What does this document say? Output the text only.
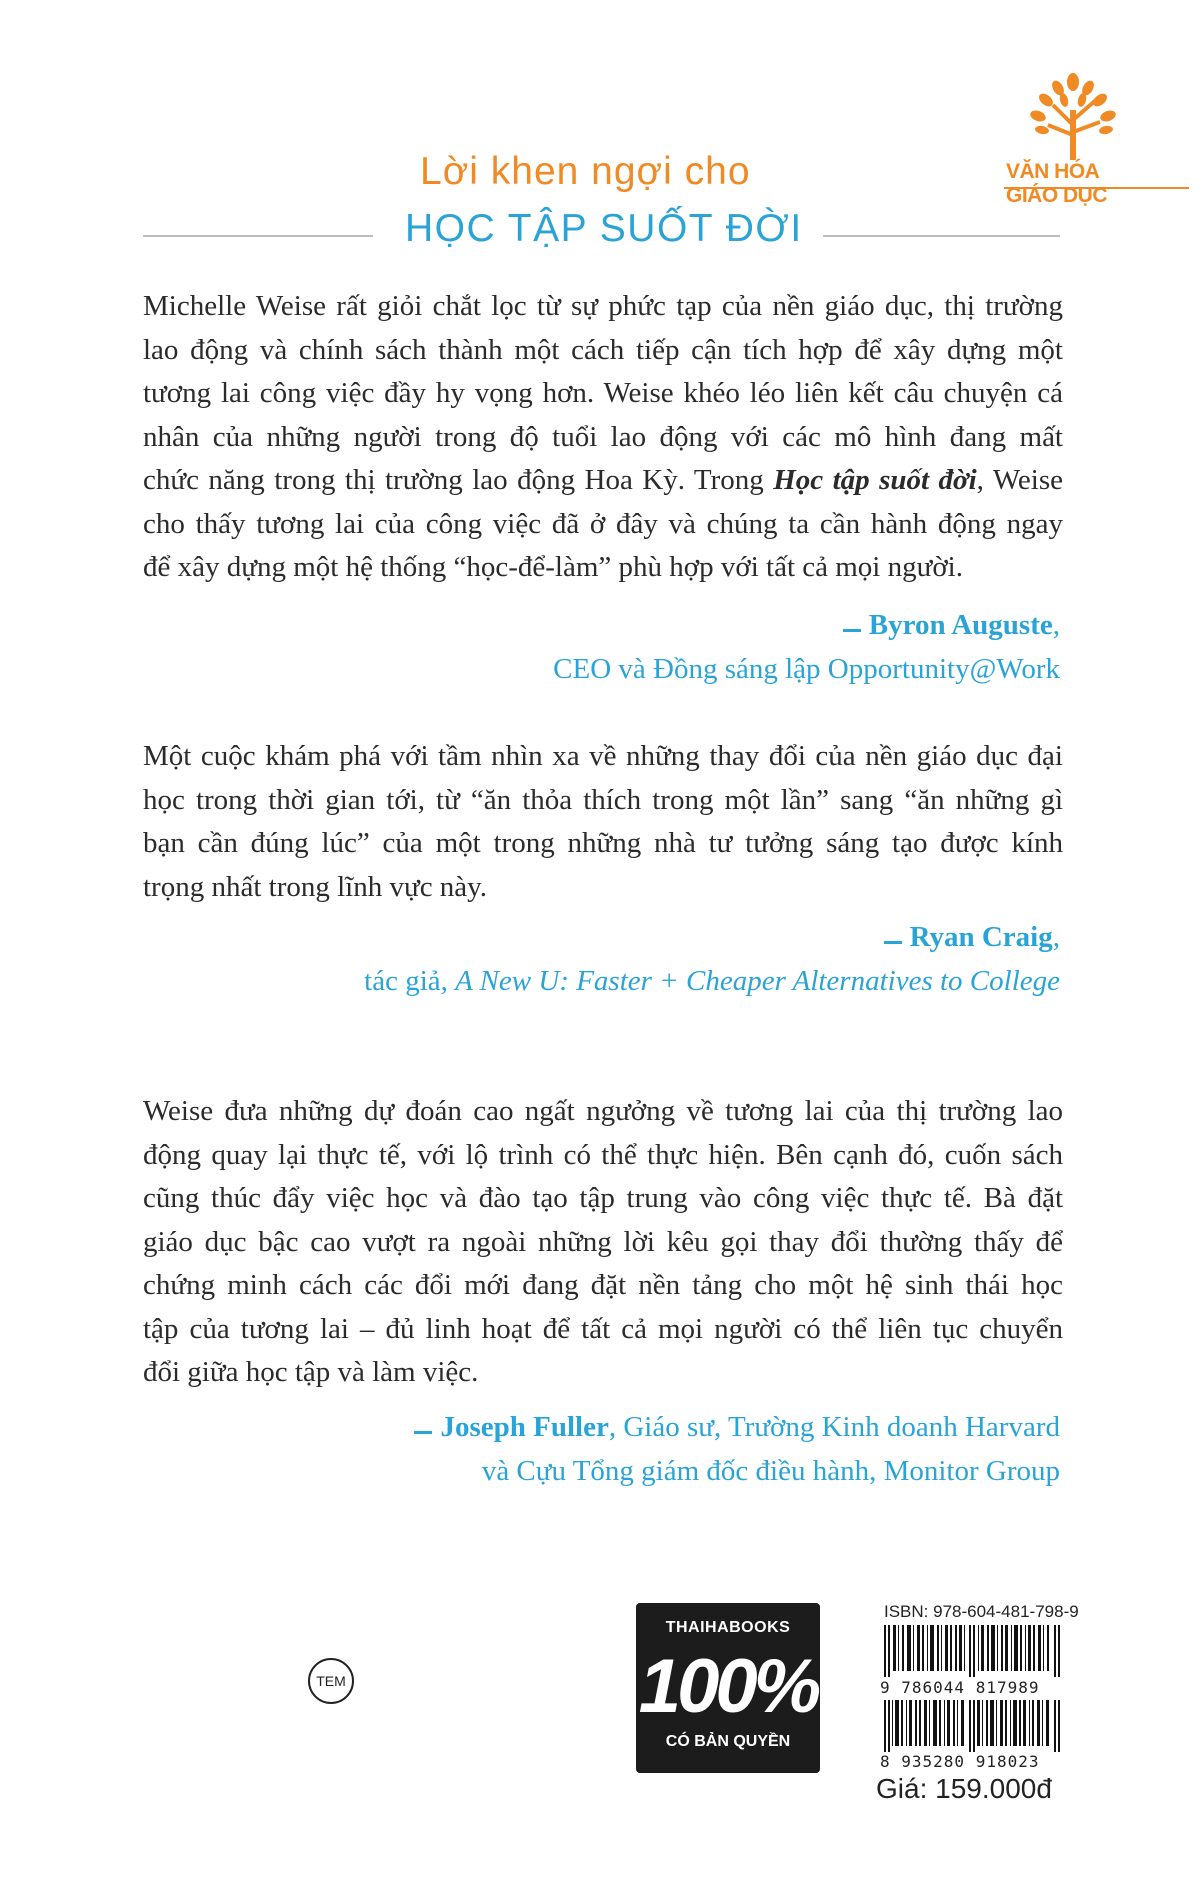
VĂN HÓA
GIÁO DỤC
Lời khen ngợi cho
HỌC TẬP SUỐT ĐỜI
Michelle Weise rất giỏi chắt lọc từ sự phức tạp của nền giáo dục, thị trường
lao động và chính sách thành một cách tiếp cận tích hợp để xây dựng một
tương lai công việc đầy hy vọng hơn. Weise khéo léo liên kết câu chuyện cá
nhân của những người trong độ tuổi lao động với các mô hình đang mất
chức năng trong thị trường lao động Hoa Kỳ. Trong Học tập suốt đời, Weise
cho thấy tương lai của công việc đã ở đây và chúng ta cần hành động ngay
để xây dựng một hệ thống “học-để-làm” phù hợp với tất cả mọi người.
Byron Auguste,
CEO và Đồng sáng lập Opportunity@Work
Một cuộc khám phá với tầm nhìn xa về những thay đổi của nền giáo dục đại
học trong thời gian tới, từ “ăn thỏa thích trong một lần” sang “ăn những gì
bạn cần đúng lúc” của một trong những nhà tư tưởng sáng tạo được kính
trọng nhất trong lĩnh vực này.
Ryan Craig,
tác giả, A New U: Faster + Cheaper Alternatives to College
Weise đưa những dự đoán cao ngất ngưởng về tương lai của thị trường lao
động quay lại thực tế, với lộ trình có thể thực hiện. Bên cạnh đó, cuốn sách
cũng thúc đẩy việc học và đào tạo tập trung vào công việc thực tế. Bà đặt
giáo dục bậc cao vượt ra ngoài những lời kêu gọi thay đổi thường thấy để
chứng minh cách các đổi mới đang đặt nền tảng cho một hệ sinh thái học
tập của tương lai – đủ linh hoạt để tất cả mọi người có thể liên tục chuyển
đổi giữa học tập và làm việc.
Joseph Fuller, Giáo sư, Trường Kinh doanh Harvard
và Cựu Tổng giám đốc điều hành, Monitor Group
TEM
THAIHABOOKS
100%
CÓ BẢN QUYỀN
ISBN: 978-604-481-798-9
9 786044 817989
8 935280 918023
Giá: 159.000đ
